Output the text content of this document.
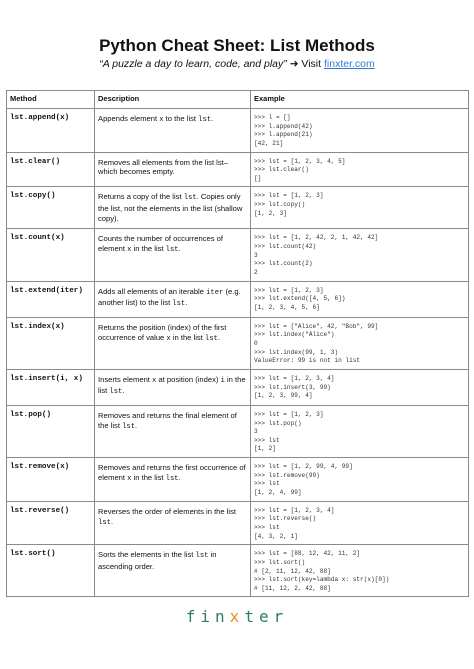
Python Cheat Sheet: List Methods
“A puzzle a day to learn, code, and play” ➜ Visit finxter.com
Method	Description	Example
lst.append(x)	Appends element x to the list lst.	>>> l = []
>>> l.append(42)
>>> l.append(21)
[42, 21]
lst.clear()	Removes all elements from the list lst–which becomes empty.	>>> lst = [1, 2, 3, 4, 5]
>>> lst.clear()
[]
lst.copy()	Returns a copy of the list lst. Copies only the list, not the elements in the list (shallow copy).	>>> lst = [1, 2, 3]
>>> lst.copy()
[1, 2, 3]
lst.count(x)	Counts the number of occurrences of element x in the list lst.	>>> lst = [1, 2, 42, 2, 1, 42, 42]
>>> lst.count(42)
3
>>> lst.count(2)
2
lst.extend(iter)	Adds all elements of an iterable iter (e.g. another list) to the list lst.	>>> lst = [1, 2, 3]
>>> lst.extend([4, 5, 6])
[1, 2, 3, 4, 5, 6]
lst.index(x)	Returns the position (index) of the first occurrence of value x in the list lst.	>>> lst = ["Alice", 42, "Bob", 99]
>>> lst.index("Alice")
0
>>> lst.index(99, 1, 3)
ValueError: 99 is not in list
lst.insert(i, x)	Inserts element x at position (index) i in the list lst.	>>> lst = [1, 2, 3, 4]
>>> lst.insert(3, 99)
[1, 2, 3, 99, 4]
lst.pop()	Removes and returns the final element of the list lst.	>>> lst = [1, 2, 3]
>>> lst.pop()
3
>>> lst
[1, 2]
lst.remove(x)	Removes and returns the first occurrence of element x in the list lst.	>>> lst = [1, 2, 99, 4, 99]
>>> lst.remove(99)
>>> lst
[1, 2, 4, 99]
lst.reverse()	Reverses the order of elements in the list lst.	>>> lst = [1, 2, 3, 4]
>>> lst.reverse()
>>> lst
[4, 3, 2, 1]
lst.sort()	Sorts the elements in the list lst in ascending order.	>>> lst = [88, 12, 42, 11, 2]
>>> lst.sort()
# [2, 11, 12, 42, 88]
>>> lst.sort(key=lambda x: str(x)[0])
# [11, 12, 2, 42, 88]
finxter
